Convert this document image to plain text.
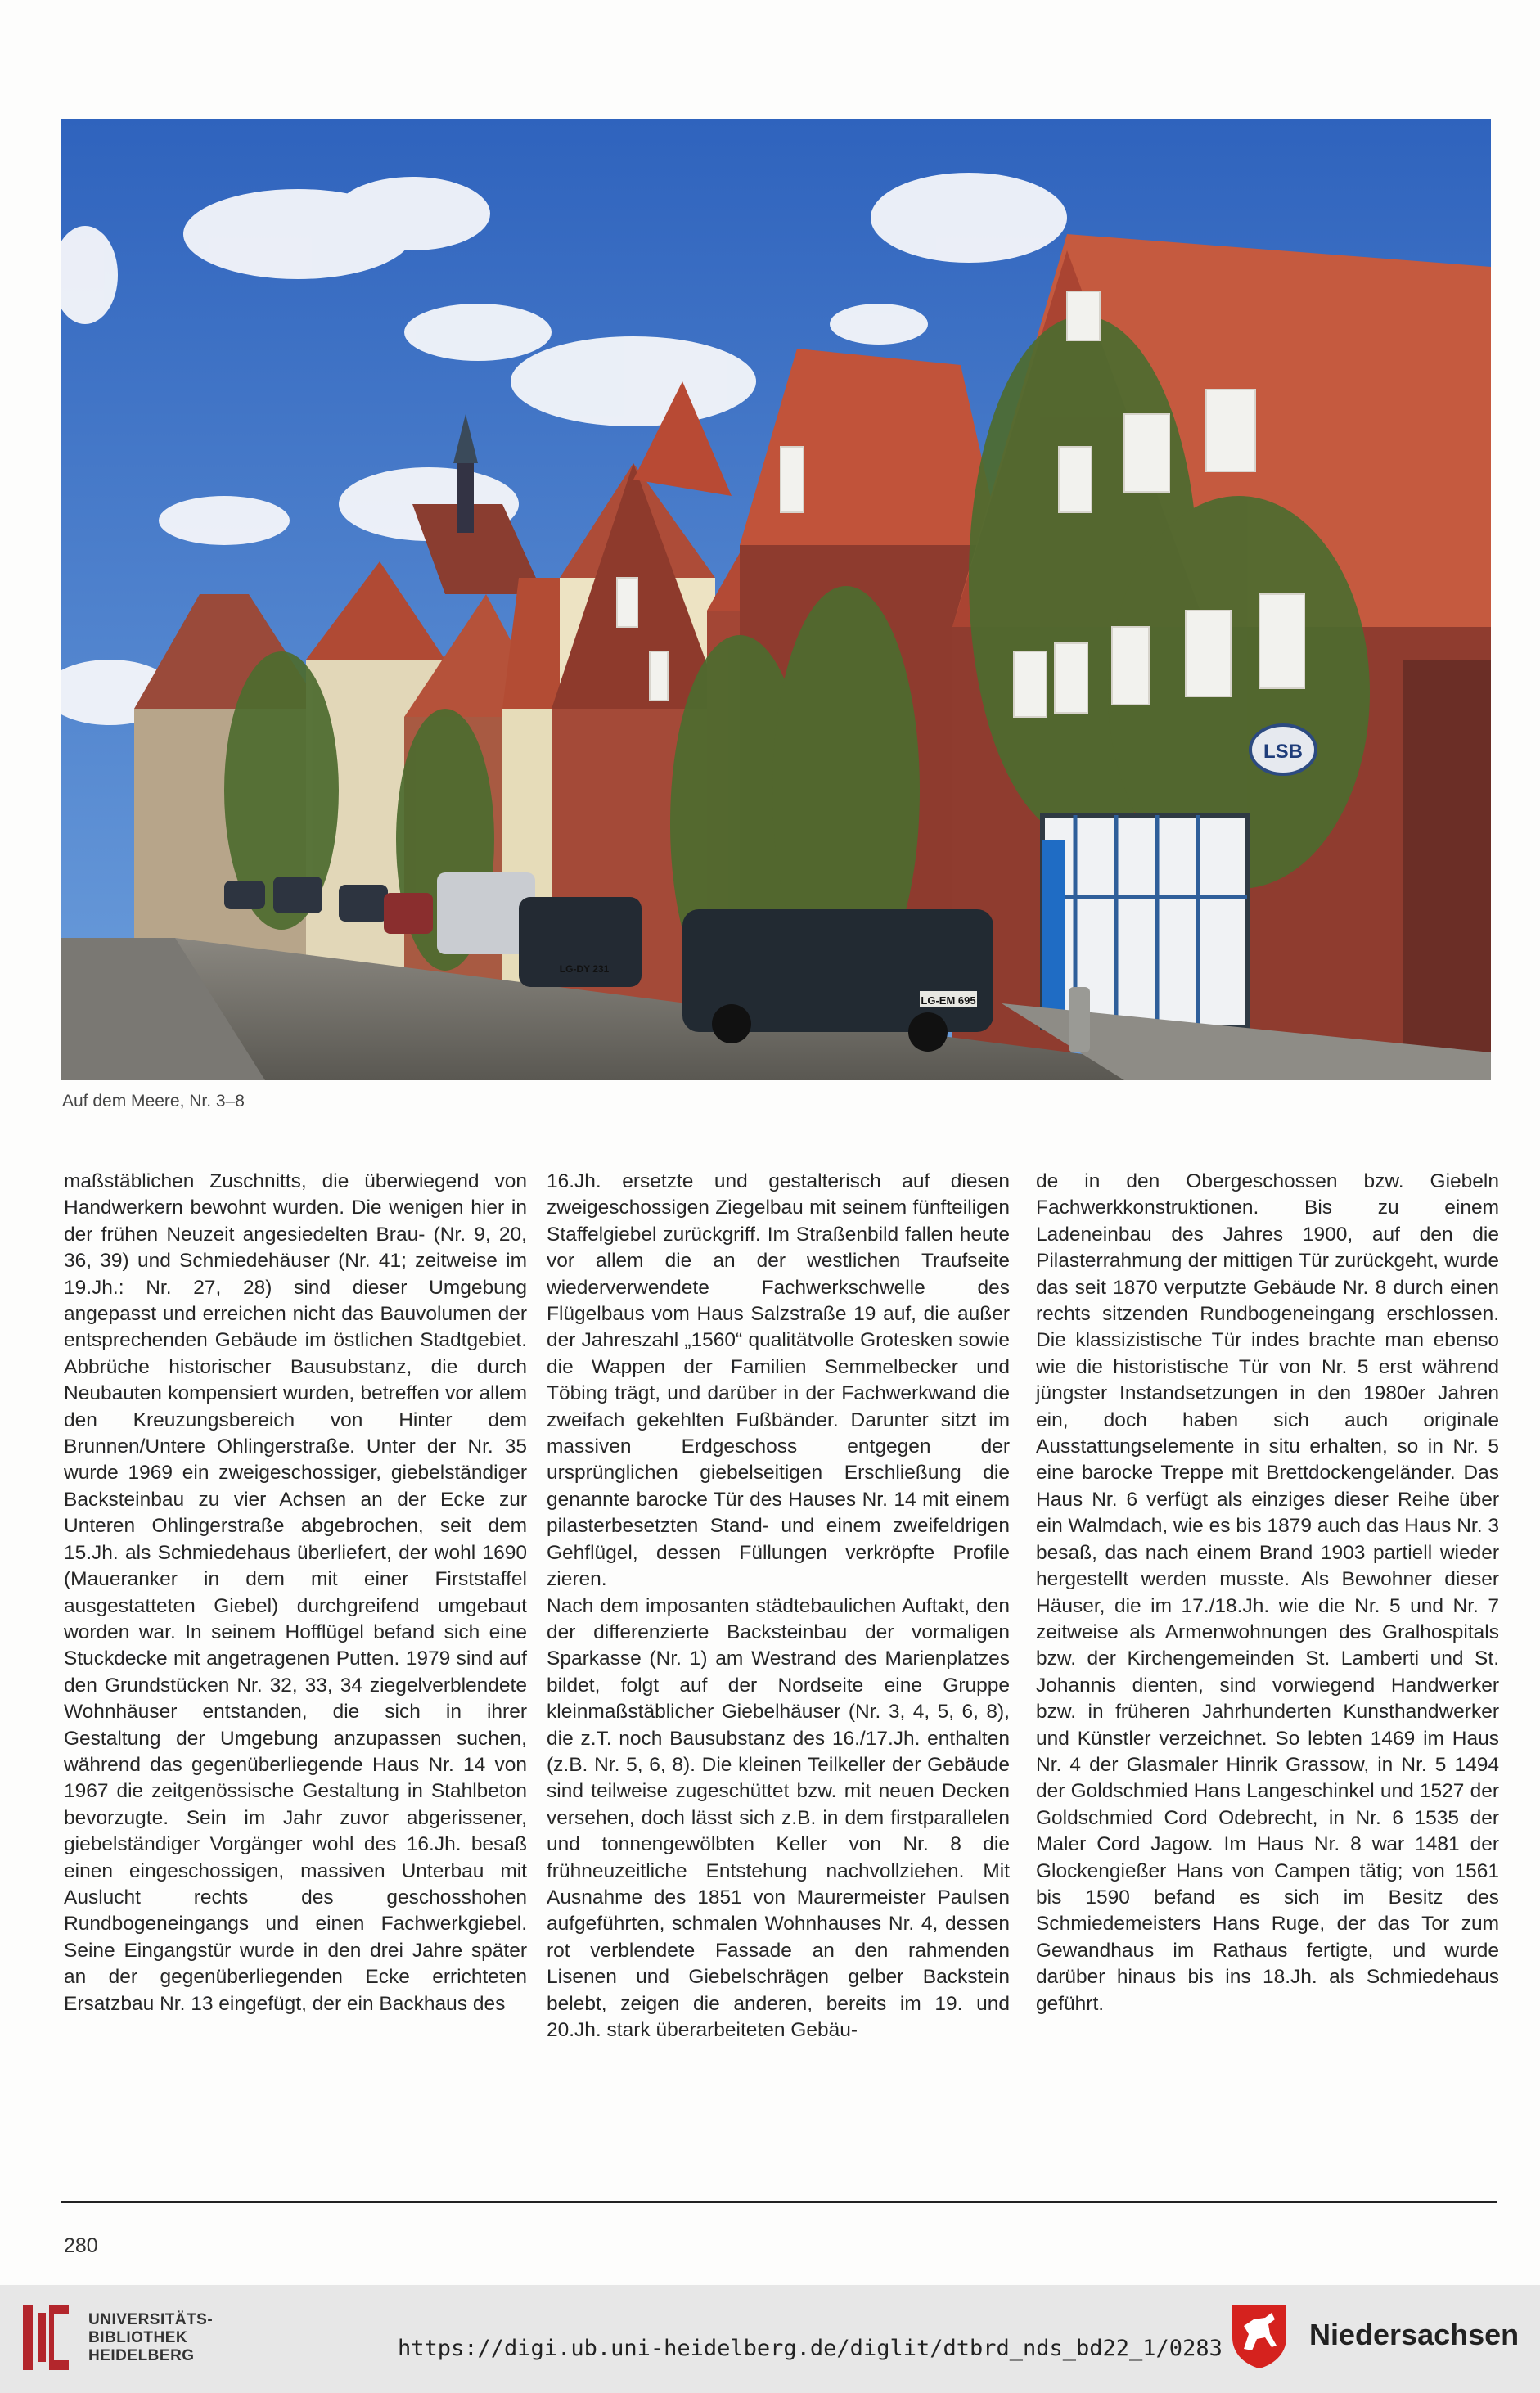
LSB
LG-DY 231
LG-EM 695
Auf dem Meere, Nr. 3–8

maßstäblichen Zuschnitts, die überwiegend von Handwerkern bewohnt wurden. Die wenigen hier in der frühen Neuzeit angesiedelten Brau- (Nr. 9, 20, 36, 39) und Schmiedehäuser (Nr. 41; zeitweise im 19.Jh.: Nr. 27, 28) sind dieser Umgebung angepasst und erreichen nicht das Bauvolumen der entsprechenden Gebäude im östlichen Stadtgebiet. Abbrüche historischer Bausubstanz, die durch Neubauten kompensiert wurden, betreffen vor allem den Kreuzungsbereich von Hinter dem Brunnen/Untere Ohlingerstraße. Unter der Nr. 35 wurde 1969 ein zweigeschossiger, giebelständiger Backsteinbau zu vier Achsen an der Ecke zur Unteren Ohlingerstraße abgebrochen, seit dem 15.Jh. als Schmiedehaus überliefert, der wohl 1690 (Maueranker in dem mit einer Firststaffel ausgestatteten Giebel) durchgreifend umgebaut worden war. In seinem Hofflügel befand sich eine Stuckdecke mit angetragenen Putten. 1979 sind auf den Grundstücken Nr. 32, 33, 34 ziegelverblendete Wohnhäuser entstanden, die sich in ihrer Gestaltung der Umgebung anzupassen suchen, während das gegenüberliegende Haus Nr. 14 von 1967 die zeitgenössische Gestaltung in Stahlbeton bevorzugte. Sein im Jahr zuvor abgerissener, giebelständiger Vorgänger wohl des 16.Jh. besaß einen eingeschossigen, massiven Unterbau mit Auslucht rechts des geschosshohen Rundbogeneingangs und einen Fachwerkgiebel. Seine Eingangstür wurde in den drei Jahre später an der gegenüberliegenden Ecke errichteten Ersatzbau Nr. 13 eingefügt, der ein Backhaus des

16.Jh. ersetzte und gestalterisch auf diesen zweigeschossigen Ziegelbau mit seinem fünfteiligen Staffelgiebel zurückgriff. Im Straßenbild fallen heute vor allem die an der westlichen Traufseite wiederverwendete Fachwerkschwelle des Flügelbaus vom Haus Salzstraße 19 auf, die außer der Jahreszahl „1560“ qualitätvolle Grotesken sowie die Wappen der Familien Semmelbecker und Töbing trägt, und darüber in der Fachwerkwand die zweifach gekehlten Fußbänder. Darunter sitzt im massiven Erdgeschoss entgegen der ursprünglichen giebelseitigen Erschließung die genannte barocke Tür des Hauses Nr. 14 mit einem pilasterbesetzten Stand- und einem zweifeldrigen Gehflügel, dessen Füllungen verkröpfte Profile zieren.

Nach dem imposanten städtebaulichen Auftakt, den der differenzierte Backsteinbau der vormaligen Sparkasse (Nr. 1) am Westrand des Marienplatzes bildet, folgt auf der Nordseite eine Gruppe kleinmaßstäblicher Giebelhäuser (Nr. 3, 4, 5, 6, 8), die z.T. noch Bausubstanz des 16./17.Jh. enthalten (z.B. Nr. 5, 6, 8). Die kleinen Teilkeller der Gebäude sind teilweise zugeschüttet bzw. mit neuen Decken versehen, doch lässt sich z.B. in dem firstparallelen und tonnengewölbten Keller von Nr. 8 die frühneuzeitliche Entstehung nachvollziehen. Mit Ausnahme des 1851 von Maurermeister Paulsen aufgeführten, schmalen Wohnhauses Nr. 4, dessen rot verblendete Fassade an den rahmenden Lisenen und Giebelschrägen gelber Backstein belebt, zeigen die anderen, bereits im 19. und 20.Jh. stark überarbeiteten Gebäu-

de in den Obergeschossen bzw. Giebeln Fachwerkkonstruktionen. Bis zu einem Ladeneinbau des Jahres 1900, auf den die Pilasterrahmung der mittigen Tür zurückgeht, wurde das seit 1870 verputzte Gebäude Nr. 8 durch einen rechts sitzenden Rundbogeneingang erschlossen. Die klassizistische Tür indes brachte man ebenso wie die historistische Tür von Nr. 5 erst während jüngster Instandsetzungen in den 1980er Jahren ein, doch haben sich auch originale Ausstattungselemente in situ erhalten, so in Nr. 5 eine barocke Treppe mit Brettdockengeländer. Das Haus Nr. 6 verfügt als einziges dieser Reihe über ein Walmdach, wie es bis 1879 auch das Haus Nr. 3 besaß, das nach einem Brand 1903 partiell wieder hergestellt werden musste. Als Bewohner dieser Häuser, die im 17./18.Jh. wie die Nr. 5 und Nr. 7 zeitweise als Armenwohnungen des Gralhospitals bzw. der Kirchengemeinden St. Lamberti und St. Johannis dienten, sind vorwiegend Handwerker bzw. in früheren Jahrhunderten Kunsthandwerker und Künstler verzeichnet. So lebten 1469 im Haus Nr. 4 der Glasmaler Hinrik Grassow, in Nr. 5 1494 der Goldschmied Hans Langeschinkel und 1527 der Goldschmied Cord Odebrecht, in Nr. 6 1535 der Maler Cord Jagow. Im Haus Nr. 8 war 1481 der Glockengießer Hans von Campen tätig; von 1561 bis 1590 befand es sich im Besitz des Schmiedemeisters Hans Ruge, der das Tor zum Gewandhaus im Rathaus fertigte, und wurde darüber hinaus bis ins 18.Jh. als Schmiedehaus geführt.

280
UNIVERSITÄTS-
BIBLIOTHEK
HEIDELBERG	https://digi.ub.uni-heidelberg.de/diglit/dtbrd_nds_bd22_1/0283	Niedersachsen
